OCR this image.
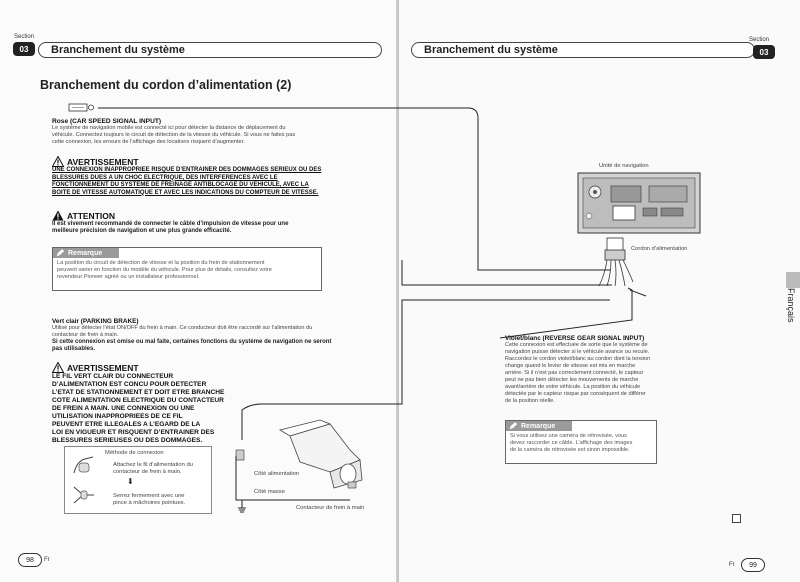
Section
03	Branchement du système
Branchement du cordon d’alimentation (2)
Rose (CAR SPEED SIGNAL INPUT)
Le système de navigation mobile est connecté ici pour détecter la distance de déplacement du
véhicule. Connectez toujours le circuit de détection de la vitesse du véhicule. Si vous ne faites pas
cette connexion, les erreurs de l’affichage des locations risquent d’augmenter.
AVERTISSEMENT
UNE CONNEXION INAPPROPRIEE RISQUE D’ENTRAINER DES DOMMAGES SERIEUX OU DES
BLESSURES DUES A UN CHOC ELECTRIQUE, DES INTERFERENCES AVEC LE
FONCTIONNEMENT DU SYSTEME DE FREINAGE ANTIBLOCAGE DU VEHICULE, AVEC LA
BOITE DE VITESSE AUTOMATIQUE ET AVEC LES INDICATIONS DU COMPTEUR DE VITESSE.
ATTENTION
Il est vivement recommandé de connecter le câble d’impulsion de vitesse pour une
meilleure précision de navigation et une plus grande efficacité.
Remarque
La position du circuit de détection de vitesse et la position du frein de stationnement
peuvent varier en fonction du modèle du véhicule. Pour plus de détails, consultez votre
revendeur Pioneer agréé ou un installateur professionnel.
Vert clair (PARKING BRAKE)
Utilisé pour détecter l’état ON/OFF du frein à main. Ce conducteur doit être raccordé sur l’alimentation du
contacteur de frein à main.
Si cette connexion est omise ou mal faite, certaines fonctions du système de navigation ne seront
pas utilisables.
AVERTISSEMENT
LE FIL VERT CLAIR DU CONNECTEUR
D’ALIMENTATION EST CONCU POUR DETECTER
L’ETAT DE STATIONNEMENT ET DOIT ETRE BRANCHE
COTE ALIMENTATION ELECTRIQUE DU CONTACTEUR
DE FREIN A MAIN. UNE CONNEXION OU UNE
UTILISATION INAPPROPRIEES DE CE FIL
PEUVENT ETRE ILLEGALES A L’EGARD DE LA
LOI EN VIGUEUR ET RISQUENT D’ENTRAINER DES
BLESSURES SERIEUSES OU DES DOMMAGES.
Méthode de connexion
Attachez le fil d’alimentation du
contacteur de frein à main.
⬇
Serrez fermement avec une
pince à mâchoires pointues.
Côté alimentation
Côté masse
Contacteur de frein à main
98	Fr
Branchement du système
Section
03
Unité de navigation
Cordon d’alimentation
Violet/blanc (REVERSE GEAR SIGNAL INPUT)
Cette connexion est effectuée de sorte que le système de
navigation puisse détecter si le véhicule avance ou recule.
Raccordez le cordon violet/blanc au cordon dont la tension
change quand le levier de vitesse est mis en marche
arrière. Si il n’est pas correctement connecté, le capteur
peut ne pas bien détecter les mouvements de marche
avant/arrière de votre véhicule. La position du véhicule
détectée par le capteur risque par conséquent de différer
de la position réelle.
Remarque
Si vous utilisez une caméra de rétrovisée, vous
devez raccorder ce câble. L’affichage des images
de la caméra de rétrovisée est sinon impossible.
Français
Fr	99
